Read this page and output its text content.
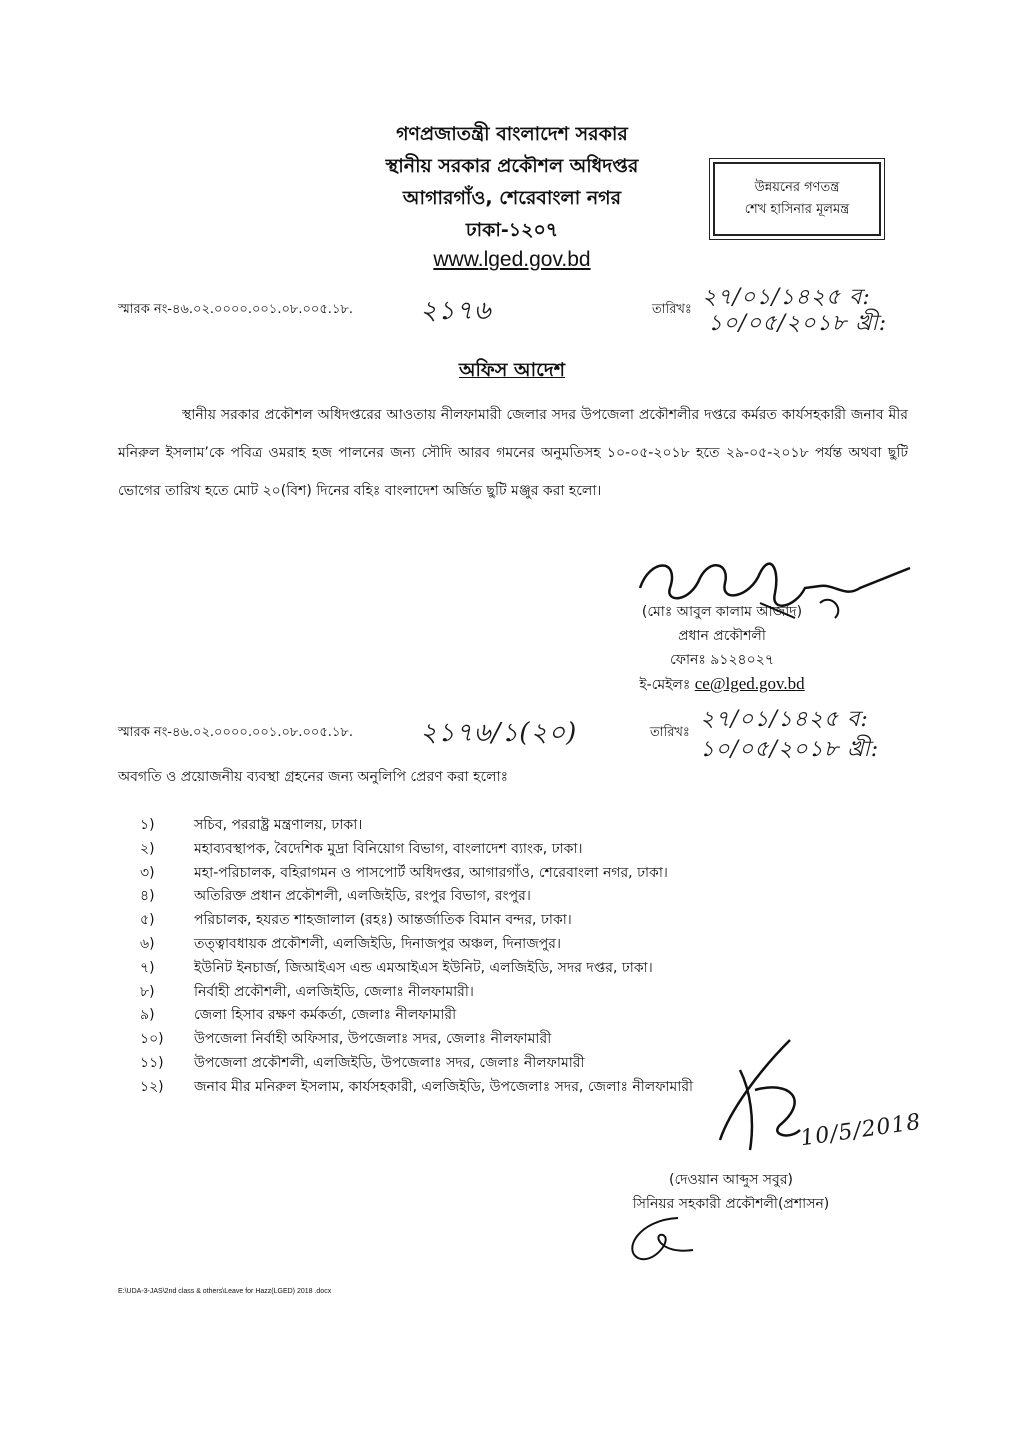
গণপ্রজাতন্ত্রী বাংলাদেশ সরকার
স্থানীয় সরকার প্রকৌশল অধিদপ্তর
আগারগাঁও, শেরেবাংলা নগর
ঢাকা-১২০৭
www.lged.gov.bd
উন্নয়নের গণতন্ত্র
শেখ হাসিনার মূলমন্ত্র
স্মারক নং-৪৬.০২.০০০০.০০১.০৮.০০৫.১৮.	২১৭৬	তারিখঃ ২৭/০১/১৪২৫ ব:
১০/০৫/২০১৮ খ্রী:
অফিস আদেশ
স্থানীয় সরকার প্রকৌশল অধিদপ্তরের আওতায় নীলফামারী জেলার সদর উপজেলা প্রকৌশলীর দপ্তরে কর্মরত কার্যসহকারী জনাব মীর মনিরুল ইসলাম’কে পবিত্র ওমরাহ হজ পালনের জন্য সৌদি আরব গমনের অনুমতিসহ ১০-০৫-২০১৮ হতে ২৯-০৫-২০১৮ পর্যন্ত অথবা ছুটি ভোগের তারিখ হতে মোট ২০(বিশ) দিনের বহিঃ বাংলাদেশ অর্জিত ছুটি মঞ্জুর করা হলো।
(মোঃ আবুল কালাম আজাদ)
প্রধান প্রকৌশলী
ফোনঃ ৯১২৪০২৭
ই-মেইলঃ ce@lged.gov.bd
স্মারক নং-৪৬.০২.০০০০.০০১.০৮.০০৫.১৮.	২১৭৬/১(২০)	তারিখঃ
২৭/০১/১৪২৫ ব:
১০/০৫/২০১৮ খ্রী:
অবগতি ও প্রয়োজনীয় ব্যবস্থা গ্রহনের জন্য অনুলিপি প্রেরণ করা হলোঃ
১)	সচিব, পররাষ্ট্র মন্ত্রণালয়, ঢাকা।
২)	মহাব্যবস্থাপক, বৈদেশিক মুদ্রা বিনিয়োগ বিভাগ, বাংলাদেশ ব্যাংক, ঢাকা।
৩)	মহা-পরিচালক, বহিরাগমন ও পাসপোর্ট অধিদপ্তর, আগারগাঁও, শেরেবাংলা নগর, ঢাকা।
৪)	অতিরিক্ত প্রধান প্রকৌশলী, এলজিইডি, রংপুর বিভাগ, রংপুর।
৫)	পরিচালক, হযরত শাহজালাল (রহঃ) আন্তর্জাতিক বিমান বন্দর, ঢাকা।
৬)	তত্ত্বাবধায়ক প্রকৌশলী, এলজিইডি, দিনাজপুর অঞ্চল, দিনাজপুর।
৭)	ইউনিট ইনচার্জ, জিআইএস এন্ড এমআইএস ইউনিট, এলজিইডি, সদর দপ্তর, ঢাকা।
৮)	নির্বাহী প্রকৌশলী, এলজিইডি, জেলাঃ নীলফামারী।
৯)	জেলা হিসাব রক্ষণ কর্মকর্তা, জেলাঃ নীলফামারী
১০)	উপজেলা নির্বাহী অফিসার, উপজেলাঃ সদর, জেলাঃ নীলফামারী
১১)	উপজেলা প্রকৌশলী, এলজিইডি, উপজেলাঃ সদর, জেলাঃ নীলফামারী
১২)	জনাব মীর মনিরুল ইসলাম, কার্যসহকারী, এলজিইডি, উপজেলাঃ সদর, জেলাঃ নীলফামারী
10/5/2018
(দেওয়ান আব্দুস সবুর)
সিনিয়র সহকারী প্রকৌশলী(প্রশাসন)
E:\UDA-3-JAS\2nd class & others\Leave for Hazz(LGED) 2018 .docx
